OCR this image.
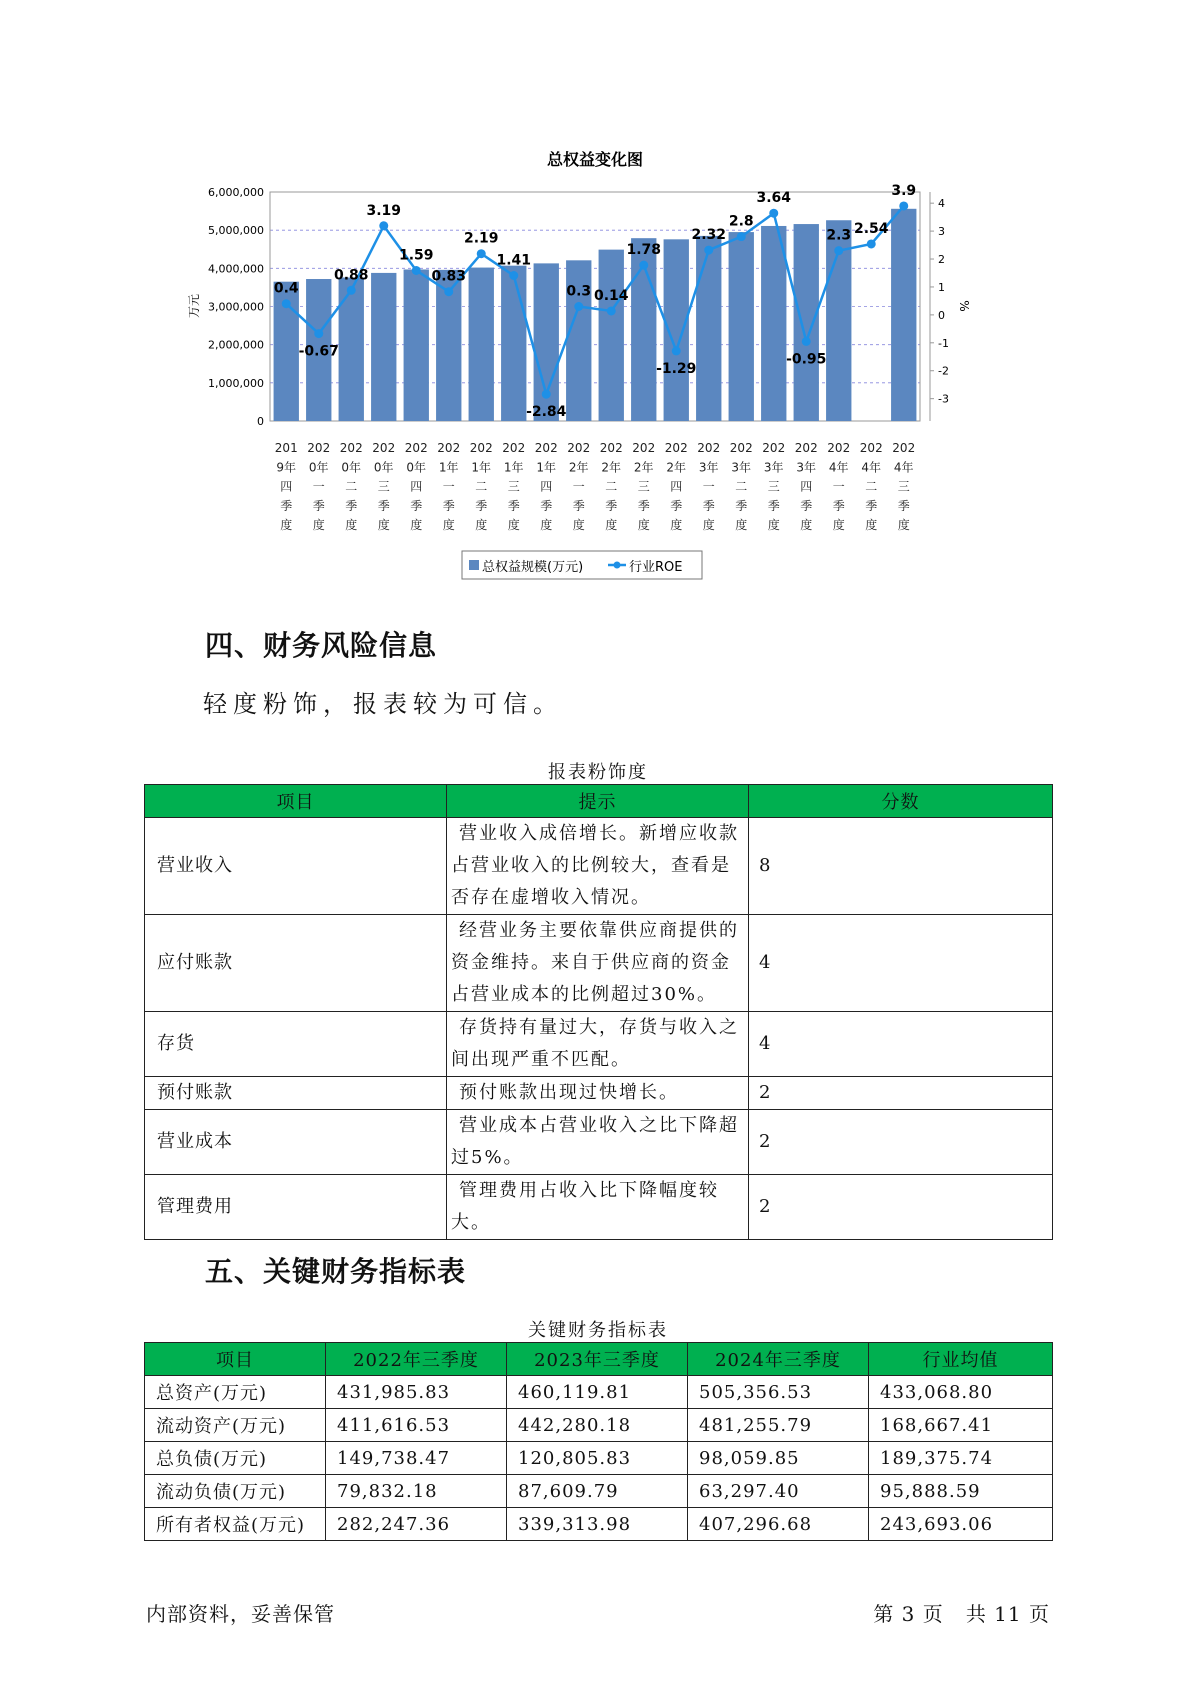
总权益变化图
0
1,000,000
2,000,000
3,000,000
4,000,000
5,000,000
6,000,000
-3
-2
-1
0
1
2
3
4
万元	%
0.4
-0.67
0.88
3.19
1.59
0.83
2.19
1.41
-2.84
0.3 0.14
1.78
-1.29
2.32
2.8
3.64
-0.95
2.3 2.54
3.9
201
9年
四
季
度
202
0年
一
季
度
202
0年
二
季
度
202
0年
三
季
度
202
0年
四
季
度
202
1年
一
季
度
202
1年
二
季
度
202
1年
三
季
度
202
1年
四
季
度
202
2年
一
季
度
202
2年
二
季
度
202
2年
三
季
度
202
2年
四
季
度
202
3年
一
季
度
202
3年
二
季
度
202
3年
三
季
度
202
3年
四
季
度
202
4年
一
季
度
202
4年
二
季
度
202
4年
三
季
度
总权益规模(万元)	行业ROE
四、财务风险信息

轻度粉饰，报表较为可信。

报表粉饰度
项目	提示	分数
营业收入	营业收入成倍增长。新增应收款占营业收入的比例较大，查看是否存在虚增收入情况。	8
应付账款	经营业务主要依靠供应商提供的资金维持。来自于供应商的资金占营业成本的比例超过30%。	4
存货	存货持有量过大，存货与收入之间出现严重不匹配。	4
预付账款	预付账款出现过快增长。	2
营业成本	营业成本占营业收入之比下降超过5%。	2
管理费用	管理费用占收入比下降幅度较大。	2
五、关键财务指标表
关键财务指标表
项目	2022年三季度	2023年三季度	2024年三季度	行业均值
总资产(万元)	431,985.83	460,119.81	505,356.53	433,068.80
流动资产(万元)	411,616.53	442,280.18	481,255.79	168,667.41
总负债(万元)	149,738.47	120,805.83	98,059.85	189,375.74
流动负债(万元)	79,832.18	87,609.79	63,297.40	95,888.59
所有者权益(万元)	282,247.36	339,313.98	407,296.68	243,693.06
内部资料，妥善保管	第 3 页   共 11 页
